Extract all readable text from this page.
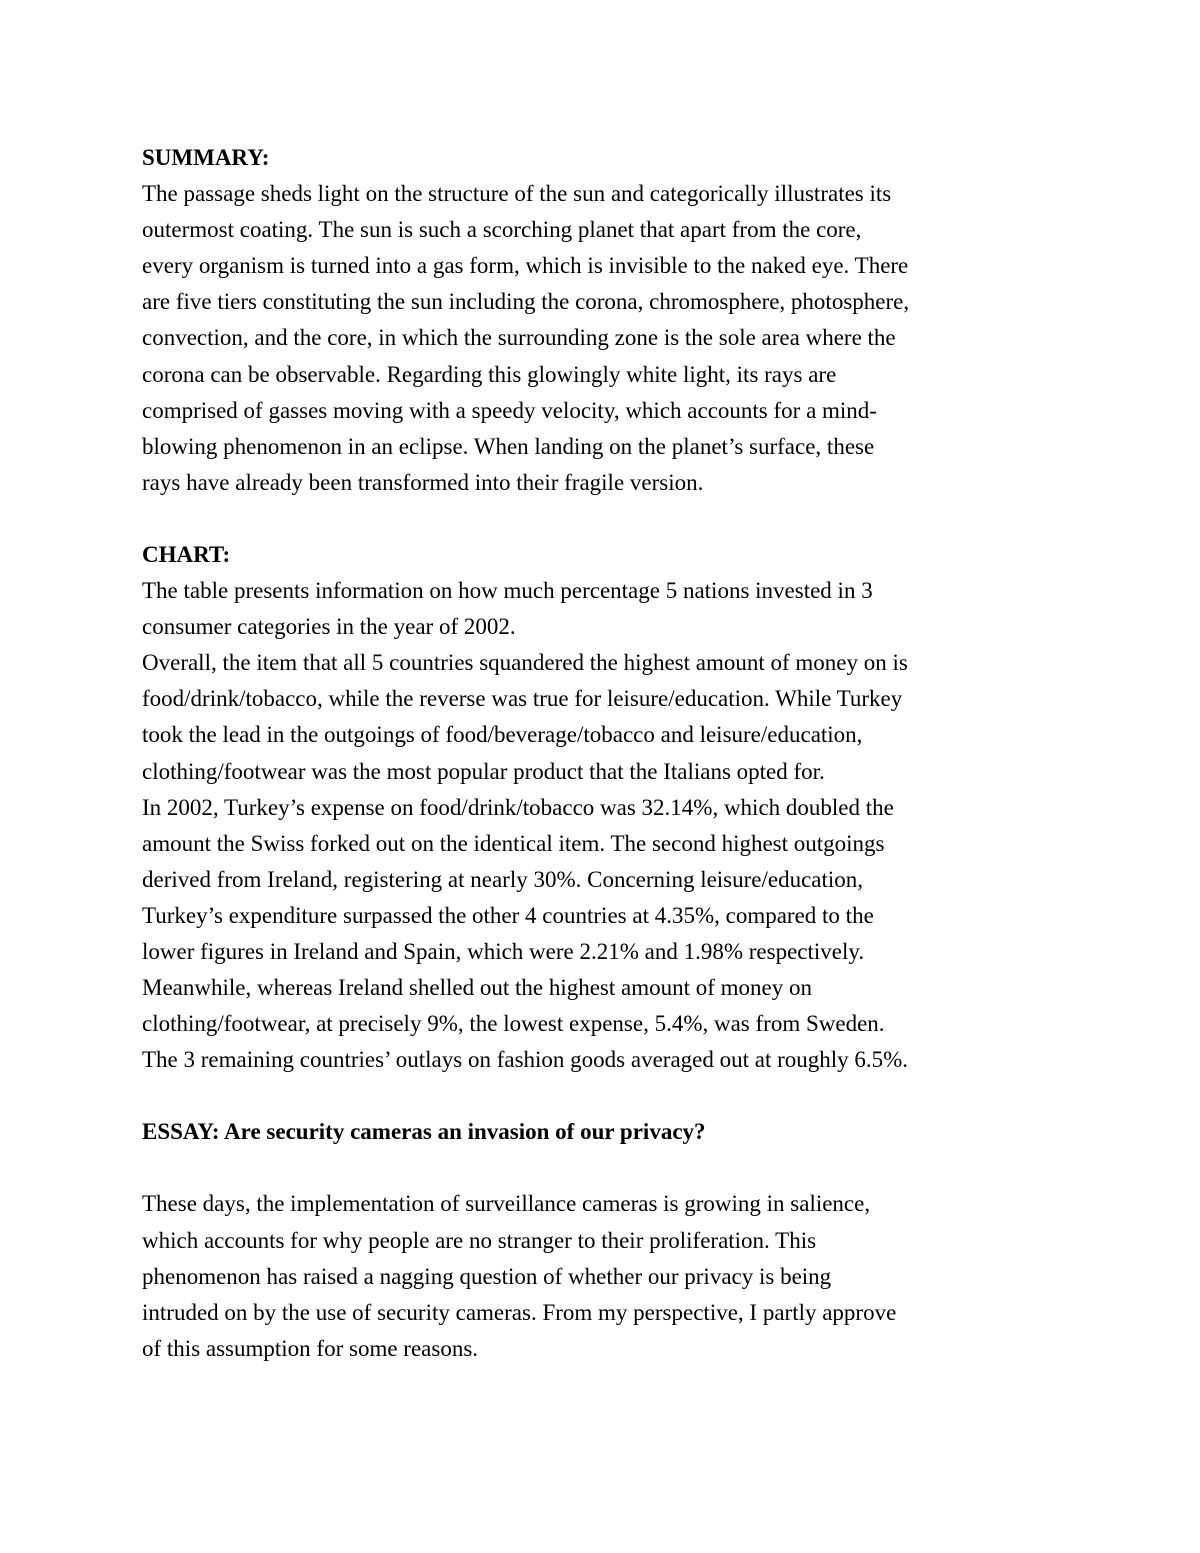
SUMMARY:
The passage sheds light on the structure of the sun and categorically illustrates its
outermost coating. The sun is such a scorching planet that apart from the core,
every organism is turned into a gas form, which is invisible to the naked eye. There
are five tiers constituting the sun including the corona, chromosphere, photosphere,
convection, and the core, in which the surrounding zone is the sole area where the
corona can be observable. Regarding this glowingly white light, its rays are
comprised of gasses moving with a speedy velocity, which accounts for a mind-
blowing phenomenon in an eclipse. When landing on the planet’s surface, these
rays have already been transformed into their fragile version.
CHART:
The table presents information on how much percentage 5 nations invested in 3
consumer categories in the year of 2002.
Overall, the item that all 5 countries squandered the highest amount of money on is
food/drink/tobacco, while the reverse was true for leisure/education. While Turkey
took the lead in the outgoings of food/beverage/tobacco and leisure/education,
clothing/footwear was the most popular product that the Italians opted for.
In 2002, Turkey’s expense on food/drink/tobacco was 32.14%, which doubled the
amount the Swiss forked out on the identical item. The second highest outgoings
derived from Ireland, registering at nearly 30%. Concerning leisure/education,
Turkey’s expenditure surpassed the other 4 countries at 4.35%, compared to the
lower figures in Ireland and Spain, which were 2.21% and 1.98% respectively.
Meanwhile, whereas Ireland shelled out the highest amount of money on
clothing/footwear, at precisely 9%, the lowest expense, 5.4%, was from Sweden.
The 3 remaining countries’ outlays on fashion goods averaged out at roughly 6.5%.
ESSAY: Are security cameras an invasion of our privacy?
These days, the implementation of surveillance cameras is growing in salience,
which accounts for why people are no stranger to their proliferation. This
phenomenon has raised a nagging question of whether our privacy is being
intruded on by the use of security cameras. From my perspective, I partly approve
of this assumption for some reasons.
